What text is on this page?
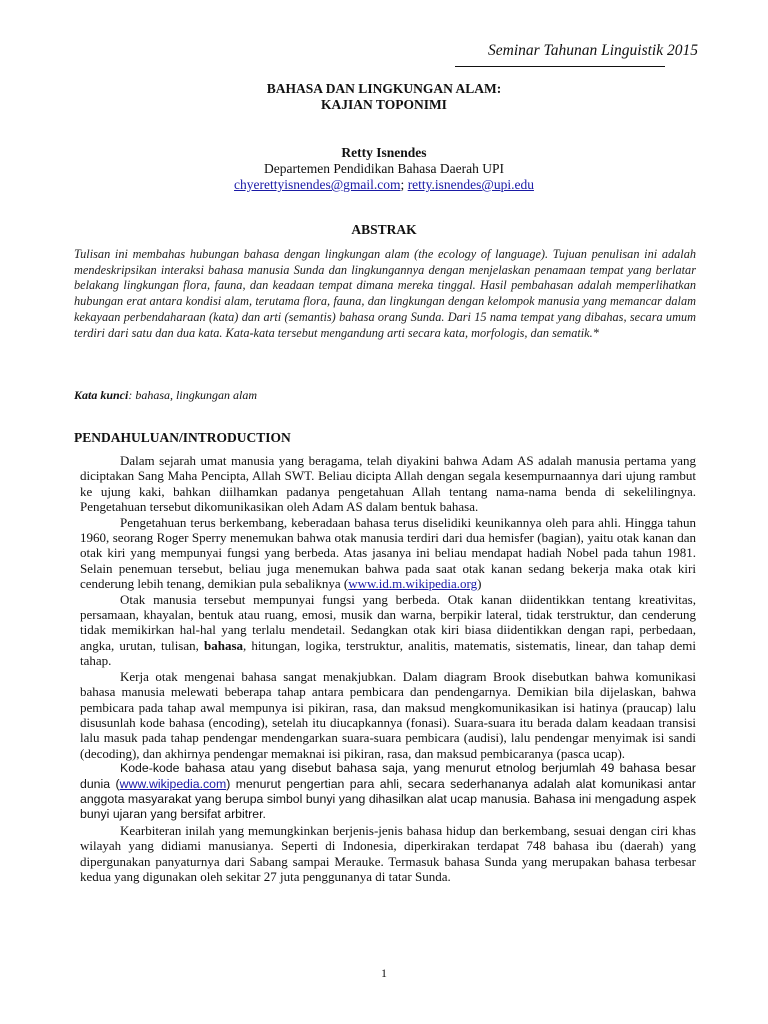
Seminar Tahunan Linguistik 2015
BAHASA DAN LINGKUNGAN ALAM:
KAJIAN TOPONIMI
Retty Isnendes
Departemen Pendidikan Bahasa Daerah UPI
chyerettyisnendes@gmail.com; retty.isnendes@upi.edu
ABSTRAK
Tulisan ini membahas hubungan bahasa dengan lingkungan alam (the ecology of language). Tujuan penulisan ini adalah mendeskripsikan interaksi bahasa manusia Sunda dan lingkungannya dengan menjelaskan penamaan tempat yang berlatar belakang lingkungan flora, fauna, dan keadaan tempat dimana mereka tinggal. Hasil pembahasan adalah memperlihatkan hubungan erat antara kondisi alam, terutama flora, fauna, dan lingkungan dengan kelompok manusia yang memancar dalam kekayaan perbendaharaan (kata) dan arti (semantis) bahasa orang Sunda. Dari 15 nama tempat yang dibahas, secara umum terdiri dari satu dan dua kata. Kata-kata tersebut mengandung arti secara kata, morfologis, dan sematik.*
Kata kunci: bahasa, lingkungan alam
PENDAHULUAN/INTRODUCTION

Dalam sejarah umat manusia yang beragama, telah diyakini bahwa Adam AS adalah manusia pertama yang diciptakan Sang Maha Pencipta, Allah SWT. Beliau dicipta Allah dengan segala kesempurnaannya dari ujung rambut ke ujung kaki, bahkan diilhamkan padanya pengetahuan Allah tentang nama-nama benda di sekelilingnya. Pengetahuan tersebut dikomunikasikan oleh Adam AS dalam bentuk bahasa.

Pengetahuan terus berkembang, keberadaan bahasa terus diselidiki keunikannya oleh para ahli. Hingga tahun 1960, seorang Roger Sperry menemukan bahwa otak manusia terdiri dari dua hemisfer (bagian), yaitu otak kanan dan otak kiri yang mempunyai fungsi yang berbeda. Atas jasanya ini beliau mendapat hadiah Nobel pada tahun 1981. Selain penemuan tersebut, beliau juga menemukan bahwa pada saat otak kanan sedang bekerja maka otak kiri cenderung lebih tenang, demikian pula sebaliknya (www.id.m.wikipedia.org)

Otak manusia tersebut mempunyai fungsi yang berbeda. Otak kanan diidentikkan tentang kreativitas, persamaan, khayalan, bentuk atau ruang, emosi, musik dan warna, berpikir lateral, tidak terstruktur, dan cenderung tidak memikirkan hal-hal yang terlalu mendetail. Sedangkan otak kiri biasa diidentikkan dengan rapi, perbedaan, angka, urutan, tulisan, bahasa, hitungan, logika, terstruktur, analitis, matematis, sistematis, linear, dan tahap demi tahap.

Kerja otak mengenai bahasa sangat menakjubkan. Dalam diagram Brook disebutkan bahwa komunikasi bahasa manusia melewati beberapa tahap antara pembicara dan pendengarnya. Demikian bila dijelaskan, bahwa pembicara pada tahap awal mempunya isi pikiran, rasa, dan maksud mengkomunikasikan isi hatinya (praucap) lalu disusunlah kode bahasa (encoding), setelah itu diucapkannya (fonasi). Suara-suara itu berada dalam keadaan transisi lalu masuk pada tahap pendengar mendengarkan suara-suara pembicara (audisi), lalu pendengar menyimak isi sandi (decoding), dan akhirnya pendengar memaknai isi pikiran, rasa, dan maksud pembicaranya (pasca ucap).

Kode-kode bahasa atau yang disebut bahasa saja, yang menurut etnolog berjumlah 49 bahasa besar dunia (www.wikipedia.com) menurut pengertian para ahli, secara sederhananya adalah alat komunikasi antar anggota masyarakat yang berupa simbol bunyi yang dihasilkan alat ucap manusia. Bahasa ini mengadung aspek bunyi ujaran yang bersifat arbitrer.

Kearbiteran inilah yang memungkinkan berjenis-jenis bahasa hidup dan berkembang, sesuai dengan ciri khas wilayah yang didiami manusianya. Seperti di Indonesia, diperkirakan terdapat 748 bahasa ibu (daerah) yang dipergunakan panyaturnya dari Sabang sampai Merauke. Termasuk bahasa Sunda yang merupakan bahasa terbesar kedua yang digunakan oleh sekitar 27 juta penggunanya di tatar Sunda.

1
